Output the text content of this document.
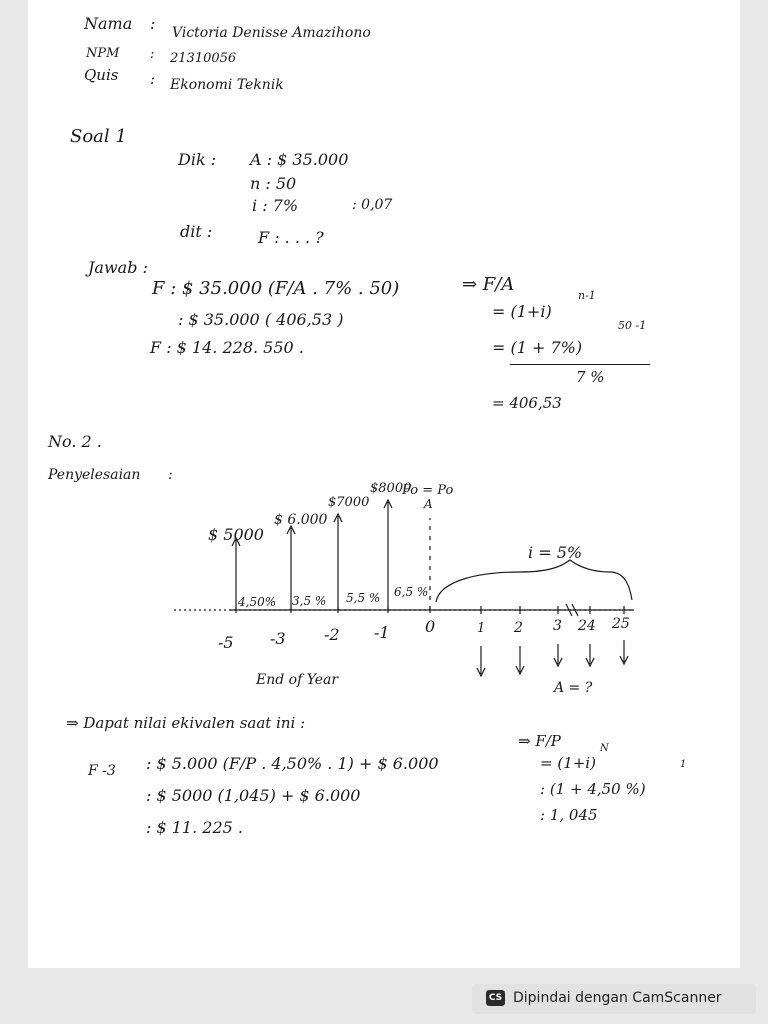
Nama : Victoria Denisse Amazihono
NPM : 21310056
Quis : Ekonomi Teknik
Soal 1
Dik : A : $ 35.000
n : 50
i : 7%	: 0,07
dit :	F : . . . ?
Jawab :
F : $ 35.000 (F/A . 7% . 50)
: $ 35.000 ( 406,53 )
F : $ 14. 228. 550 .
⇒ F/A
= (1+i)
n-1
= (1 + 7%)
50 -1
7 %
= 406,53
No. 2 .
Penyelesaian :
$ 5000
$ 6.000
$7000
$8000
Fo = Po
A
4,50% 3,5 % 5,5 % 6,5 %
i = 5%
-5 -3 -2 -1 0	1 2 3 24 25
End of Year	A = ?
⇒ Dapat nilai ekivalen saat ini :
F -3 : $ 5.000 (F/P . 4,50% . 1) + $ 6.000
: $ 5000 (1,045) + $ 6.000
: $ 11. 225 .
⇒ F/P
= (1+i)
N
: (1 + 4,50 %)
1
: 1, 045
CS Dipindai dengan CamScanner
